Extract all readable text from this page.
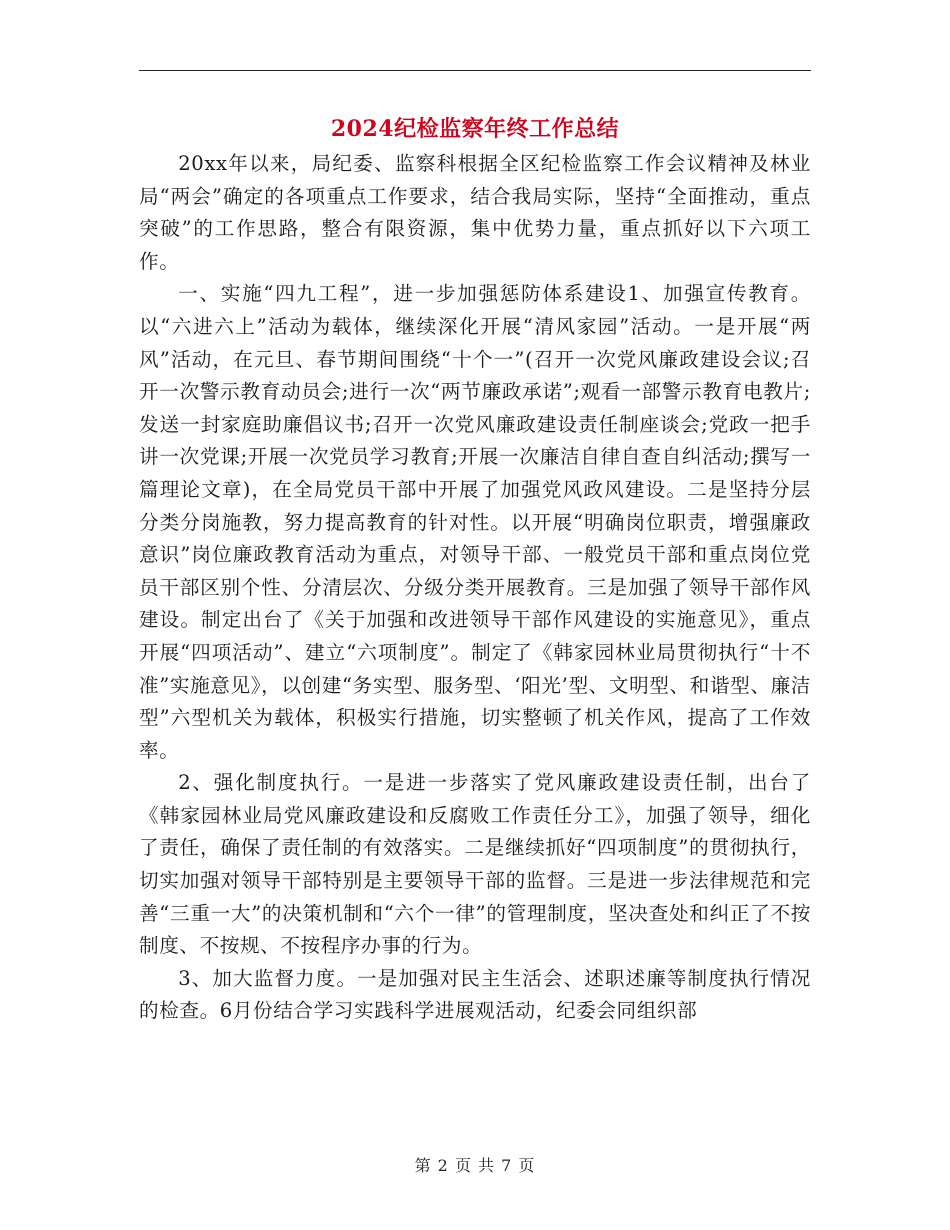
2024纪检监察年终工作总结

20xx年以来，局纪委、监察科根据全区纪检监察工作会议精神及林业局“两会”确定的各项重点工作要求，结合我局实际，坚持“全面推动，重点突破”的工作思路，整合有限资源，集中优势力量，重点抓好以下六项工作。

一、实施“四九工程”，进一步加强惩防体系建设1、加强宣传教育。以“六进六上”活动为载体，继续深化开展“清风家园”活动。一是开展“两风”活动，在元旦、春节期间围绕“十个一”(召开一次党风廉政建设会议;召开一次警示教育动员会;进行一次“两节廉政承诺”;观看一部警示教育电教片;发送一封家庭助廉倡议书;召开一次党风廉政建设责任制座谈会;党政一把手讲一次党课;开展一次党员学习教育;开展一次廉洁自律自查自纠活动;撰写一篇理论文章)，在全局党员干部中开展了加强党风政风建设。二是坚持分层分类分岗施教，努力提高教育的针对性。以开展“明确岗位职责，增强廉政意识”岗位廉政教育活动为重点，对领导干部、一般党员干部和重点岗位党员干部区别个性、分清层次、分级分类开展教育。三是加强了领导干部作风建设。制定出台了《关于加强和改进领导干部作风建设的实施意见》，重点开展“四项活动”、建立“六项制度”。制定了《韩家园林业局贯彻执行“十不准”实施意见》，以创建“务实型、服务型、‘阳光’型、文明型、和谐型、廉洁型”六型机关为载体，积极实行措施，切实整顿了机关作风，提高了工作效率。

2、强化制度执行。一是进一步落实了党风廉政建设责任制，出台了《韩家园林业局党风廉政建设和反腐败工作责任分工》，加强了领导，细化了责任，确保了责任制的有效落实。二是继续抓好“四项制度”的贯彻执行，切实加强对领导干部特别是主要领导干部的监督。三是进一步法律规范和完善“三重一大”的决策机制和“六个一律”的管理制度，坚决查处和纠正了不按制度、不按规、不按程序办事的行为。

3、加大监督力度。一是加强对民主生活会、述职述廉等制度执行情况的检查。6月份结合学习实践科学进展观活动，纪委会同组织部

第 2 页 共 7 页
